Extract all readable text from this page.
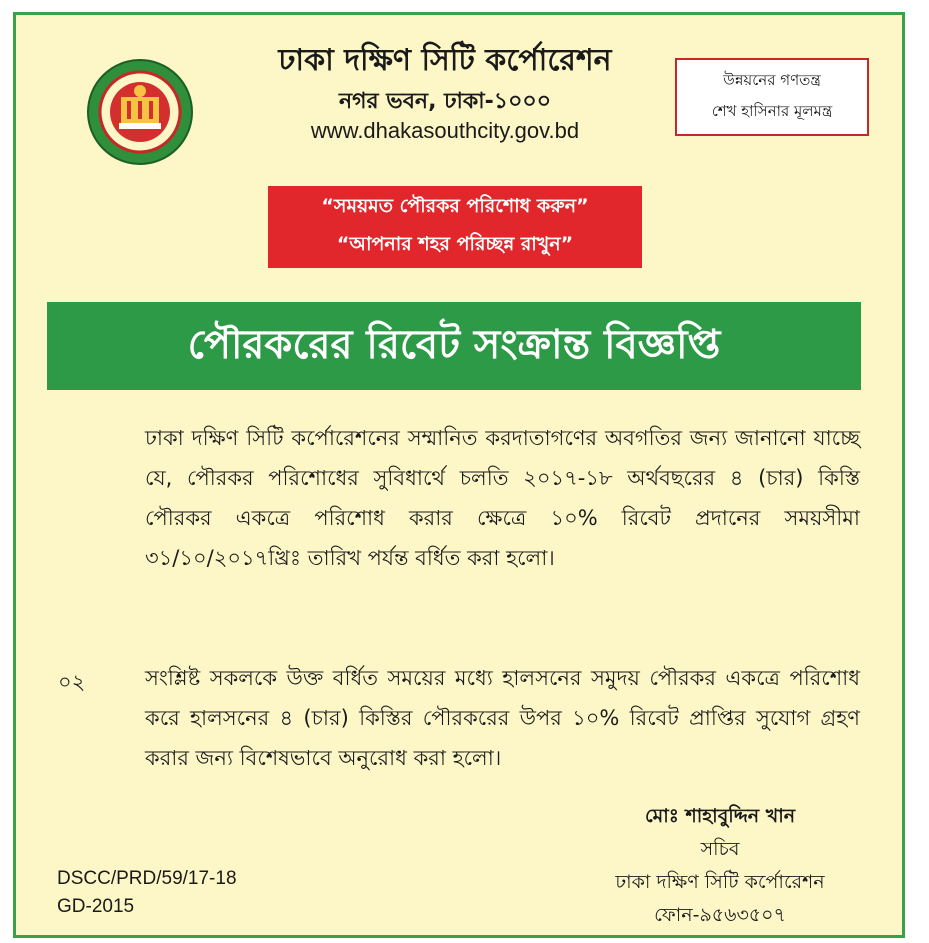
ঢাকা দক্ষিণ সিটি কর্পোরেশন
নগর ভবন, ঢাকা-১০০০
www.dhakasouthcity.gov.bd
উন্নয়নের গণতন্ত্র
শেখ হাসিনার মূলমন্ত্র
“সময়মত পৌরকর পরিশোধ করুন”
“আপনার শহর পরিচ্ছন্ন রাখুন”
পৌরকরের রিবেট সংক্রান্ত বিজ্ঞপ্তি
ঢাকা দক্ষিণ সিটি কর্পোরেশনের সম্মানিত করদাতাগণের অবগতির জন্য জানানো যাচ্ছে যে, পৌরকর পরিশোধের সুবিধার্থে চলতি ২০১৭-১৮ অর্থবছরের ৪ (চার) কিস্তি পৌরকর একত্রে পরিশোধ করার ক্ষেত্রে ১০% রিবেট প্রদানের সময়সীমা ৩১/১০/২০১৭খ্রিঃ তারিখ পর্যন্ত বর্ধিত করা হলো।
০২	সংশ্লিষ্ট সকলকে উক্ত বর্ধিত সময়ের মধ্যে হালসনের সমুদয় পৌরকর একত্রে পরিশোধ করে হালসনের ৪ (চার) কিস্তির পৌরকরের উপর ১০% রিবেট প্রাপ্তির সুযোগ গ্রহণ করার জন্য বিশেষভাবে অনুরোধ করা হলো।
মোঃ শাহাবুদ্দিন খান
সচিব
ঢাকা দক্ষিণ সিটি কর্পোরেশন
ফোন-৯৫৬৩৫০৭
DSCC/PRD/59/17-18
GD-2015
